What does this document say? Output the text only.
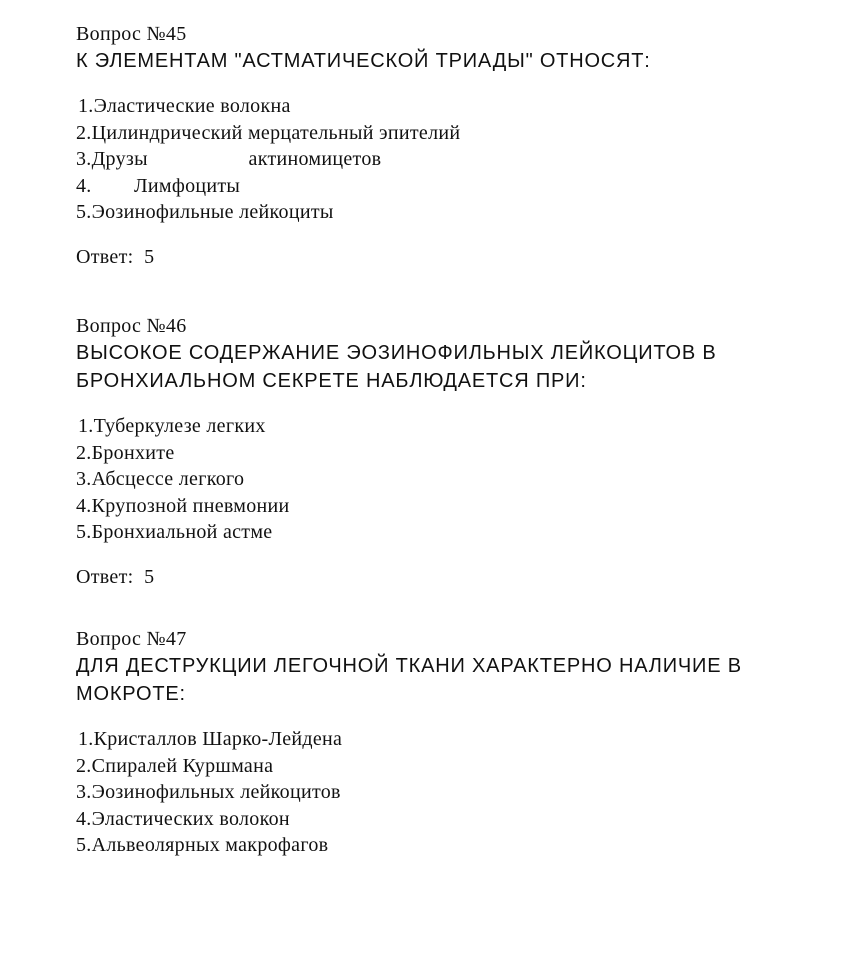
Вопрос №45
К ЭЛЕМЕНТАМ "АСТМАТИЧЕСКОЙ ТРИАДЫ" ОТНОСЯТ:
1.Эластические волокна
2.Цилиндрический мерцательный эпителий
3.Друзы                   актиномицетов
4.        Лимфоциты
5.Эозинофильные лейкоциты
Ответ:  5
Вопрос №46
ВЫСОКОЕ СОДЕРЖАНИЕ ЭОЗИНОФИЛЬНЫХ ЛЕЙКОЦИТОВ В
БРОНХИАЛЬНОМ СЕКРЕТЕ НАБЛЮДАЕТСЯ ПРИ:
1.Туберкулезе легких
2.Бронхите
3.Абсцессе легкого
4.Крупозной пневмонии
5.Бронхиальной астме
Ответ:  5
Вопрос №47
ДЛЯ ДЕСТРУКЦИИ ЛЕГОЧНОЙ ТКАНИ ХАРАКТЕРНО НАЛИЧИЕ В
МОКРОТЕ:
1.Кристаллов Шарко-Лейдена
2.Спиралей Куршмана
3.Эозинофильных лейкоцитов
4.Эластических волокон
5.Альвеолярных макрофагов
